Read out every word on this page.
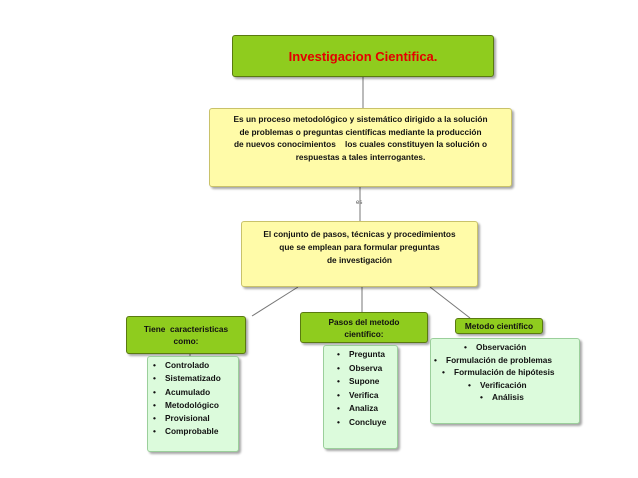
Investigacion Cientifica.

Es un proceso metodológico y sistemático dirigido a la solución

de problemas o preguntas científicas mediante la producción

de nuevos conocimientos    los cuales constituyen la solución o

respuestas a tales interrogantes.

es

El conjunto de pasos, técnicas y procedimientos

que se emplean para formular preguntas

de investigación

Tiene  caracteristicas
como:
• Controlado
• Sistematizado
• Acumulado
• Metodológico
• Provisional
• Comprobable
Pasos del metodo
científico:
• Pregunta
• Observa
• Supone
• Verifica
• Analiza
• Concluye
Metodo científico
• Observación
• Formulación de problemas
• Formulación de hipótesis
• Verificación
• Análisis
